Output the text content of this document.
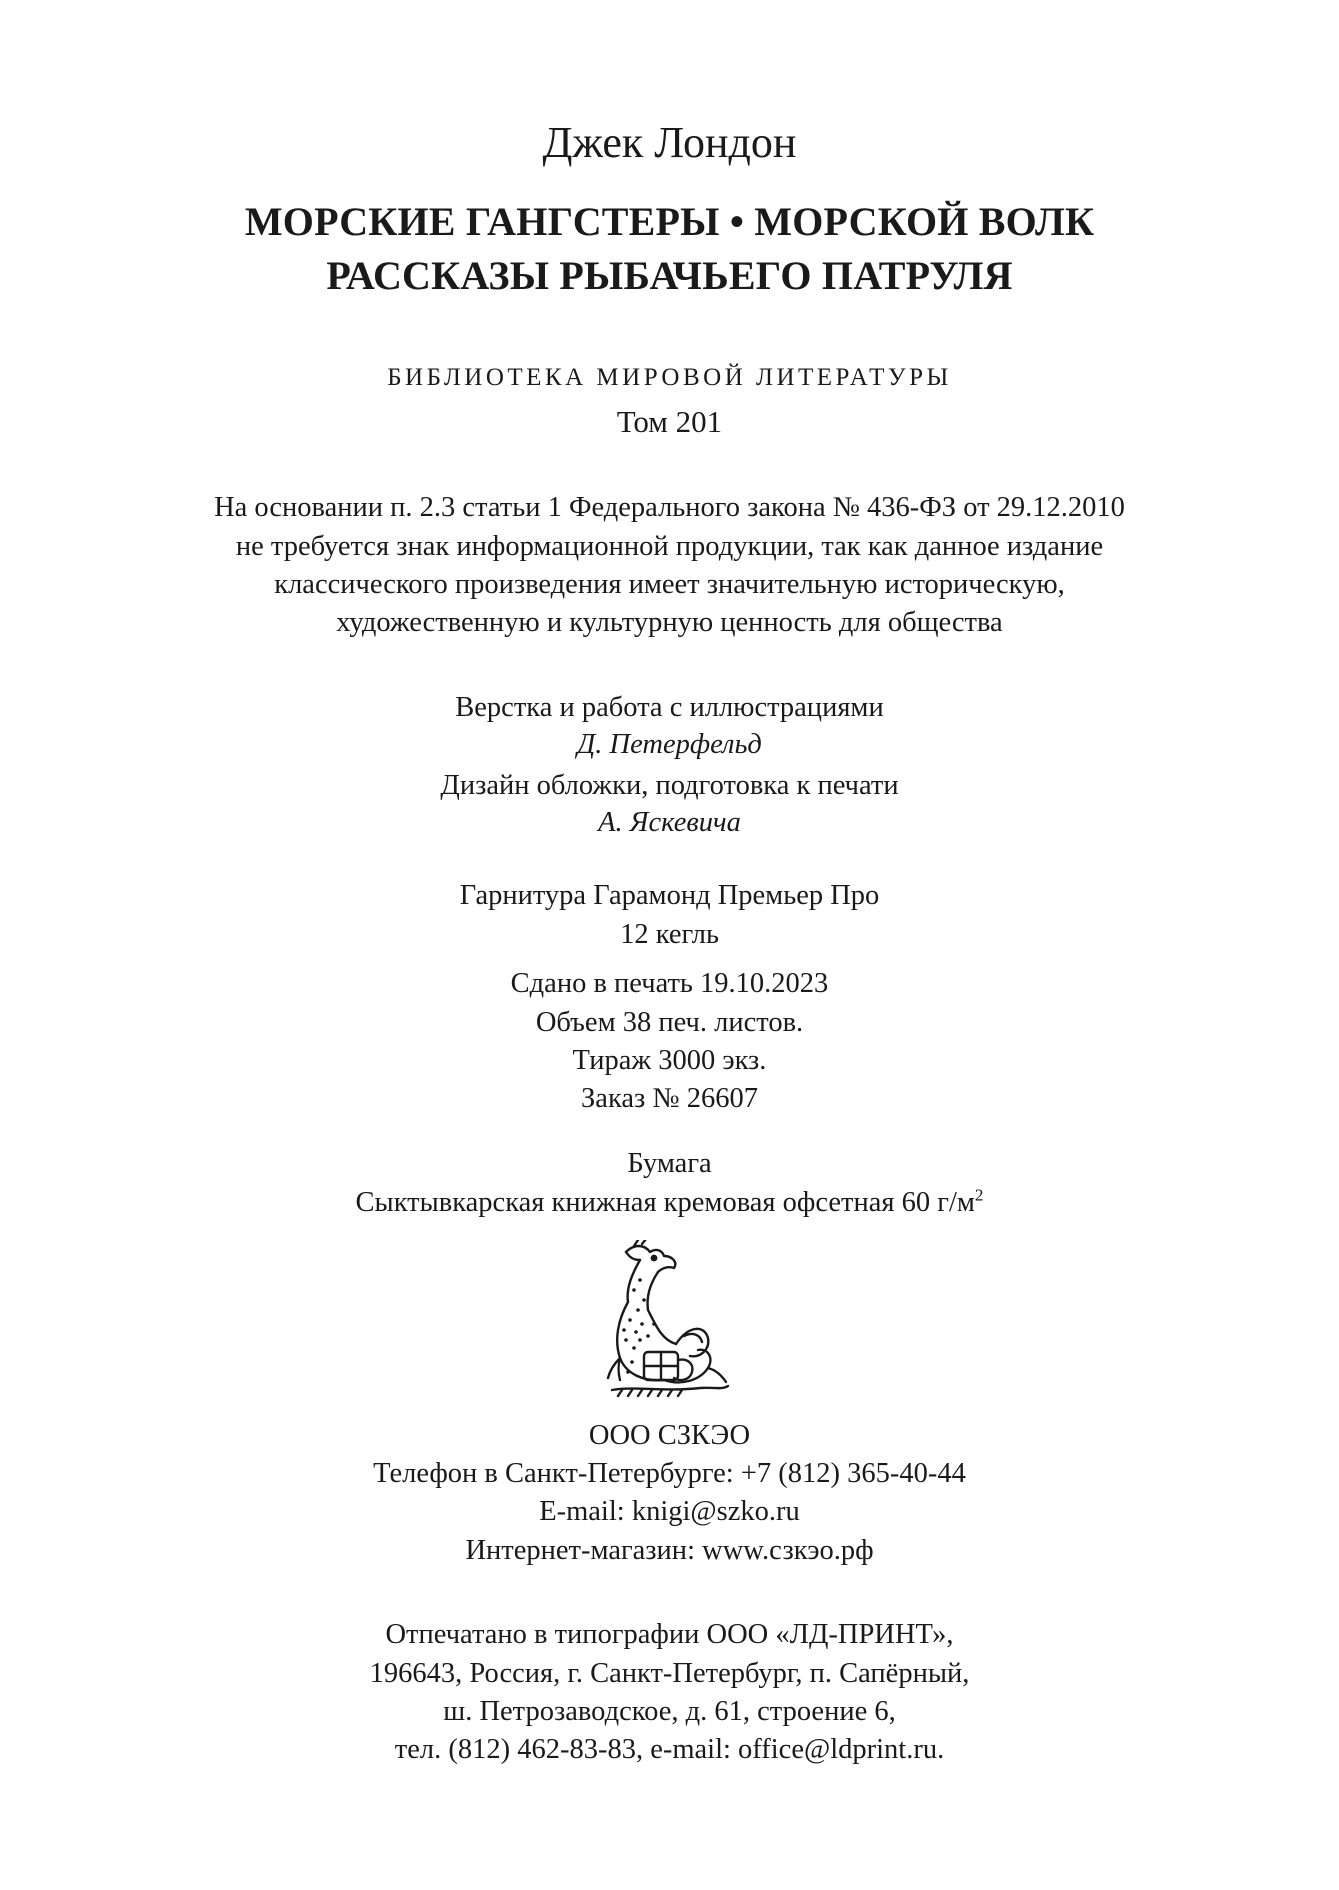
Джек Лондон
МОРСКИЕ ГАНГСТЕРЫ • МОРСКОЙ ВОЛК
РАССКАЗЫ РЫБАЧЬЕГО ПАТРУЛЯ
БИБЛИОТЕКА МИРОВОЙ ЛИТЕРАТУРЫ
Том 201
На основании п. 2.3 статьи 1 Федерального закона № 436-ФЗ от 29.12.2010
не требуется знак информационной продукции, так как данное издание
классического произведения имеет значительную историческую,
художественную и культурную ценность для общества
Верстка и работа с иллюстрациями
Д. Петерфельд
Дизайн обложки, подготовка к печати
А. Яскевича
Гарнитура Гарамонд Премьер Про
12 кегль
Сдано в печать 19.10.2023
Объем 38 печ. листов.
Тираж 3000 экз.
Заказ № 26607
Бумага
Сыктывкарская книжная кремовая офсетная 60 $г/м^2$
ООО СЗКЭО
Телефон в Санкт-Петербурге: +7 (812) 365-40-44
E-mail: knigi@szko.ru
Интернет-магазин: www.сзкэо.рф
Отпечатано в типографии ООО «ЛД-ПРИНТ»,
196643, Россия, г. Санкт-Петербург, п. Сапёрный,
ш. Петрозаводское, д. 61, строение 6,
тел. (812) 462-83-83, e-mail: office@ldprint.ru.
